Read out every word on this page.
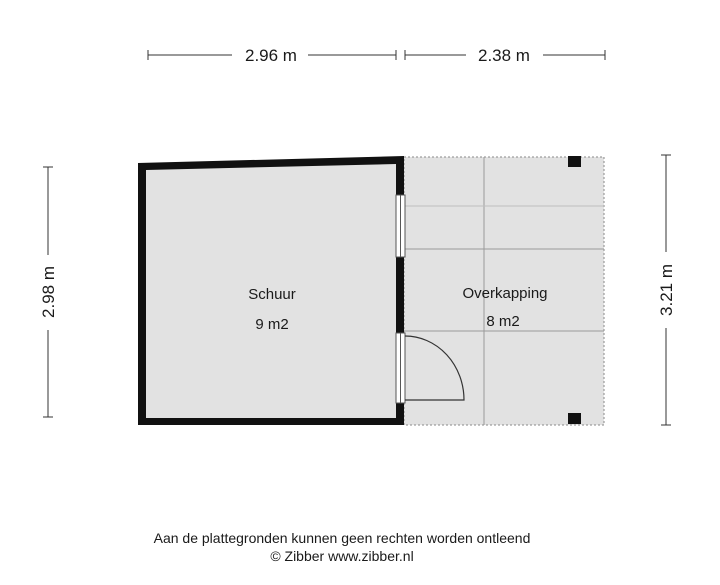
2.96 m	2.38 m
2.98 m	3.21 m
Schuur
9 m2
Overkapping
8 m2
Aan de plattegronden kunnen geen rechten worden ontleend
© Zibber www.zibber.nl
